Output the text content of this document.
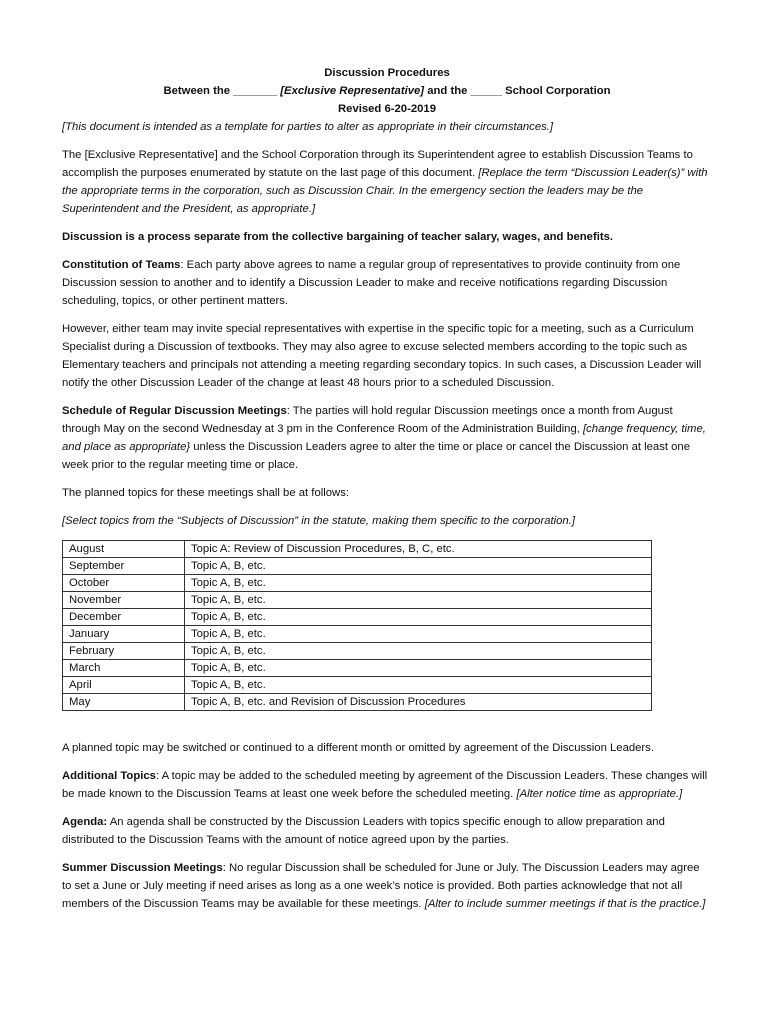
Discussion Procedures
Between the _______ [Exclusive Representative] and the _____ School Corporation
Revised 6-20-2019

[This document is intended as a template for parties to alter as appropriate in their circumstances.]

The [Exclusive Representative] and the School Corporation through its Superintendent agree to establish Discussion Teams to accomplish the purposes enumerated by statute on the last page of this document. [Replace the term “Discussion Leader(s)” with the appropriate terms in the corporation, such as Discussion Chair. In the emergency section the leaders may be the Superintendent and the President, as appropriate.]

Discussion is a process separate from the collective bargaining of teacher salary, wages, and benefits.

Constitution of Teams: Each party above agrees to name a regular group of representatives to provide continuity from one Discussion session to another and to identify a Discussion Leader to make and receive notifications regarding Discussion scheduling, topics, or other pertinent matters.

However, either team may invite special representatives with expertise in the specific topic for a meeting, such as a Curriculum Specialist during a Discussion of textbooks. They may also agree to excuse selected members according to the topic such as Elementary teachers and principals not attending a meeting regarding secondary topics. In such cases, a Discussion Leader will notify the other Discussion Leader of the change at least 48 hours prior to a scheduled Discussion.

Schedule of Regular Discussion Meetings: The parties will hold regular Discussion meetings once a month from August through May on the second Wednesday at 3 pm in the Conference Room of the Administration Building, [change frequency, time, and place as appropriate} unless the Discussion Leaders agree to alter the time or place or cancel the Discussion at least one week prior to the regular meeting time or place.

The planned topics for these meetings shall be at follows:

[Select topics from the “Subjects of Discussion” in the statute, making them specific to the corporation.]

August	Topic A: Review of Discussion Procedures, B, C, etc.
September	Topic A, B, etc.
October	Topic A, B, etc.
November	Topic A, B, etc.
December	Topic A, B, etc.
January	Topic A, B, etc.
February	Topic A, B, etc.
March	Topic A, B, etc.
April	Topic A, B, etc.
May	Topic A, B, etc. and Revision of Discussion Procedures

A planned topic may be switched or continued to a different month or omitted by agreement of the Discussion Leaders.

Additional Topics: A topic may be added to the scheduled meeting by agreement of the Discussion Leaders. These changes will be made known to the Discussion Teams at least one week before the scheduled meeting. [Alter notice time as appropriate.]

Agenda: An agenda shall be constructed by the Discussion Leaders with topics specific enough to allow preparation and distributed to the Discussion Teams with the amount of notice agreed upon by the parties.

Summer Discussion Meetings: No regular Discussion shall be scheduled for June or July. The Discussion Leaders may agree to set a June or July meeting if need arises as long as a one week’s notice is provided. Both parties acknowledge that not all members of the Discussion Teams may be available for these meetings. [Alter to include summer meetings if that is the practice.]
